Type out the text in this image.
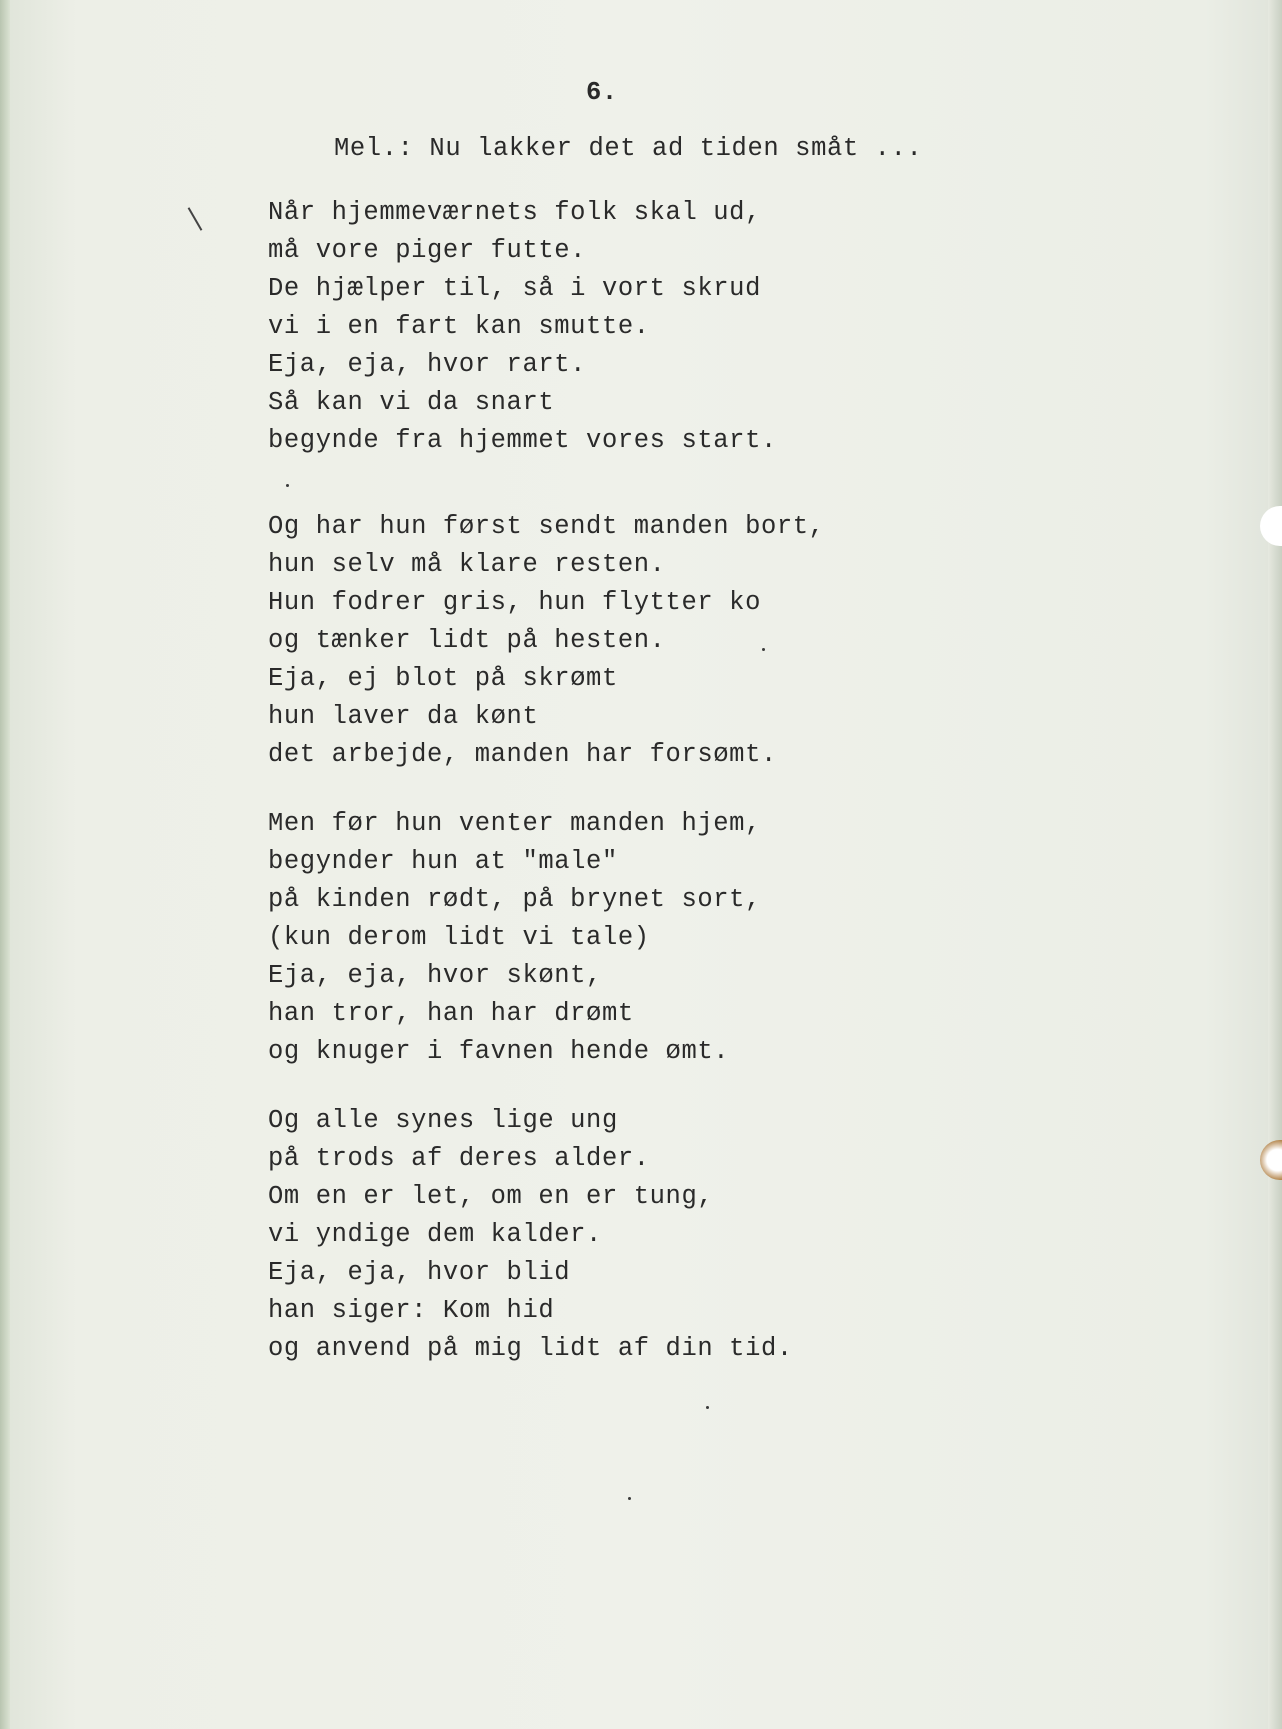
6.
Mel.: Nu lakker det ad tiden småt ...
Når hjemmeværnets folk skal ud,
må vore piger futte.
De hjælper til, så i vort skrud
vi i en fart kan smutte.
Eja, eja, hvor rart.
Så kan vi da snart
begynde fra hjemmet vores start.
Og har hun først sendt manden bort,
hun selv må klare resten.
Hun fodrer gris, hun flytter ko
og tænker lidt på hesten.
Eja, ej blot på skrømt
hun laver da kønt
det arbejde, manden har forsømt.
Men før hun venter manden hjem,
begynder hun at "male"
på kinden rødt, på brynet sort,
(kun derom lidt vi tale)
Eja, eja, hvor skønt,
han tror, han har drømt
og knuger i favnen hende ømt.
Og alle synes lige ung
på trods af deres alder.
Om en er let, om en er tung,
vi yndige dem kalder.
Eja, eja, hvor blid
han siger: Kom hid
og anvend på mig lidt af din tid.
